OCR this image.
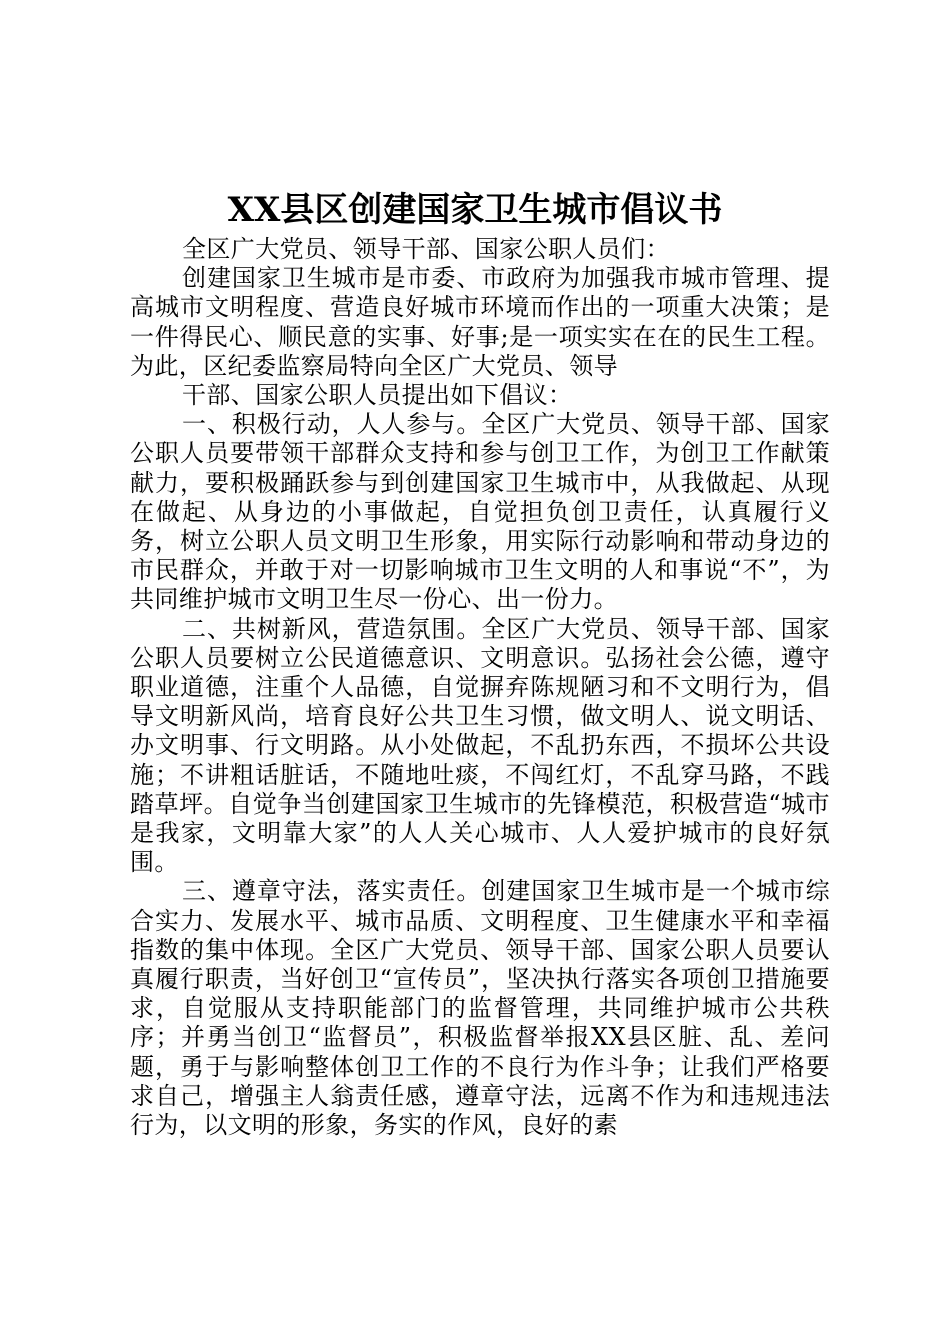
XX县区创建国家卫生城市倡议书

全区广大党员、领导干部、国家公职人员们：

创建国家卫生城市是市委、市政府为加强我市城市管理、提高城市文明程度、营造良好城市环境而作出的一项重大决策；是一件得民心、顺民意的实事、好事;是一项实实在在的民生工程。为此，区纪委监察局特向全区广大党员、领导

干部、国家公职人员提出如下倡议：

一、积极行动，人人参与。全区广大党员、领导干部、国家公职人员要带领干部群众支持和参与创卫工作，为创卫工作献策献力，要积极踊跃参与到创建国家卫生城市中，从我做起、从现在做起、从身边的小事做起，自觉担负创卫责任，认真履行义务，树立公职人员文明卫生形象，用实际行动影响和带动身边的市民群众，并敢于对一切影响城市卫生文明的人和事说“不”，为共同维护城市文明卫生尽一份心、出一份力。

二、共树新风，营造氛围。全区广大党员、领导干部、国家公职人员要树立公民道德意识、文明意识。弘扬社会公德，遵守职业道德，注重个人品德，自觉摒弃陈规陋习和不文明行为，倡导文明新风尚，培育良好公共卫生习惯，做文明人、说文明话、办文明事、行文明路。从小处做起，不乱扔东西，不损坏公共设施；不讲粗话脏话，不随地吐痰，不闯红灯，不乱穿马路，不践踏草坪。自觉争当创建国家卫生城市的先锋模范，积极营造“城市是我家，文明靠大家”的人人关心城市、人人爱护城市的良好氛围。

三、遵章守法，落实责任。创建国家卫生城市是一个城市综合实力、发展水平、城市品质、文明程度、卫生健康水平和幸福指数的集中体现。全区广大党员、领导干部、国家公职人员要认真履行职责，当好创卫“宣传员”，坚决执行落实各项创卫措施要求，自觉服从支持职能部门的监督管理，共同维护城市公共秩序；并勇当创卫“监督员”，积极监督举报XX县区脏、乱、差问题，勇于与影响整体创卫工作的不良行为作斗争；让我们严格要求自己，增强主人翁责任感，遵章守法，远离不作为和违规违法行为，以文明的形象，务实的作风，良好的素
